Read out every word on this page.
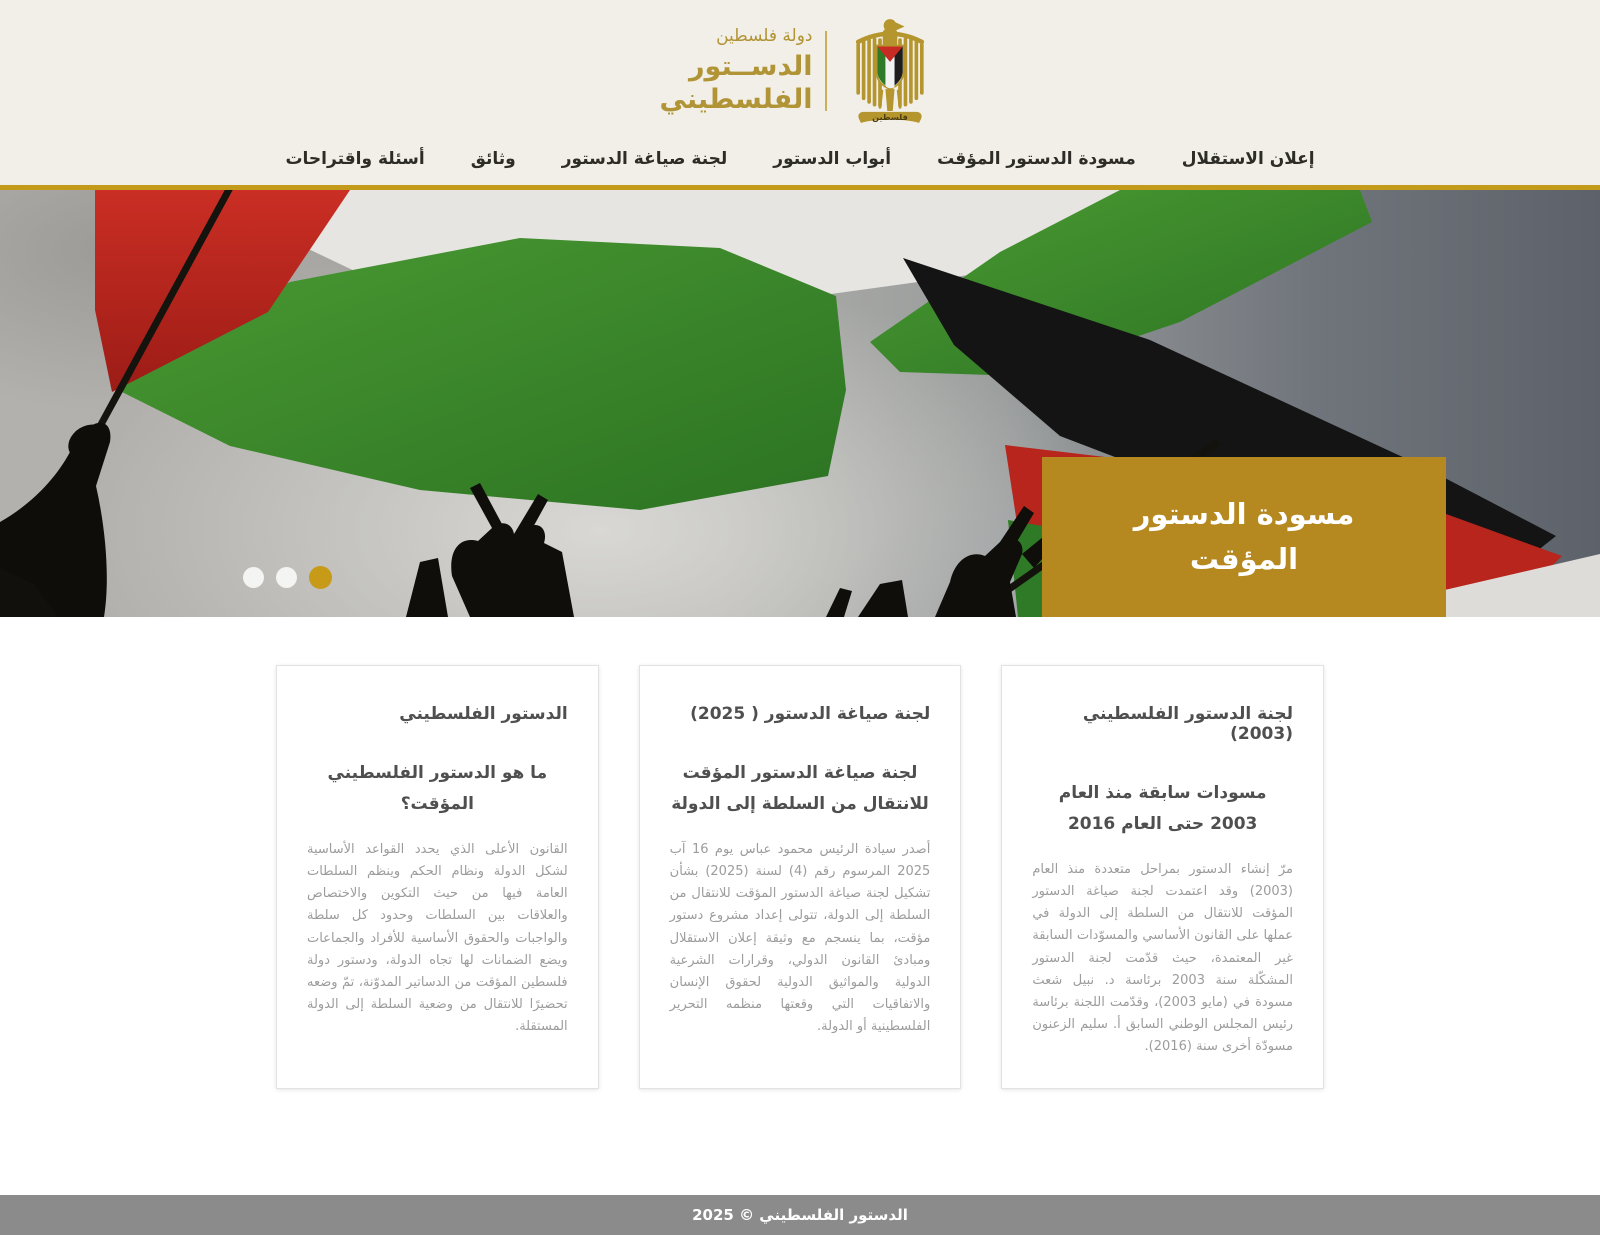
دولة فلسطين
الدســتور
الفلسطيني
فلسطين
إعلان الاستقلال
مسودة الدستور المؤقت
أبواب الدستور
لجنة صياغة الدستور
وثائق
أسئلة واقتراحات
مسودة الدستور
المؤقت
لجنة الدستور الفلسطيني (2003)
مسودات سابقة منذ العام 2003 حتى العام 2016

مرّ إنشاء الدستور بمراحل متعددة منذ العام (2003) وقد اعتمدت لجنة صياغة الدستور المؤقت للانتقال من السلطة إلى الدولة في عملها على القانون الأساسي والمسوّدات السابقة غير المعتمدة، حيث قدّمت لجنة الدستور المشكّلة سنة 2003 برئاسة د. نبيل شعث مسودة في (مايو 2003)، وقدّمت اللجنة برئاسة رئيس المجلس الوطني السابق أ. سليم الزعنون مسودّة أخرى سنة (2016).

لجنة صياغة الدستور ( 2025)
لجنة صياغة الدستور المؤقت للانتقال من السلطة إلى الدولة

أصدر سيادة الرئيس محمود عباس يوم 16 آب 2025 المرسوم رقم (4) لسنة (2025) بشأن تشكيل لجنة صياغة الدستور المؤقت للانتقال من السلطة إلى الدولة، تتولى إعداد مشروع دستور مؤقت، بما ينسجم مع وثيقة إعلان الاستقلال ومبادئ القانون الدولي، وقرارات الشرعية الدولية والمواثيق الدولية لحقوق الإنسان والاتفاقيات التي وقعتها منظمه التحرير الفلسطينية أو الدولة.

الدستور الفلسطيني
ما هو الدستور الفلسطيني المؤقت؟

القانون الأعلى الذي يحدد القواعد الأساسية لشكل الدولة ونظام الحكم وينظم السلطات العامة فيها من حيث التكوين والاختصاص والعلاقات بين السلطات وحدود كل سلطة والواجبات والحقوق الأساسية للأفراد والجماعات ويضع الضمانات لها تجاه الدولة، ودستور دولة فلسطين المؤقت من الدساتير المدوّنة، تمّ وضعه تحضيرًا للانتقال من وضعية السلطة إلى الدولة المستقلة.

الدستور الفلسطيني © 2025
